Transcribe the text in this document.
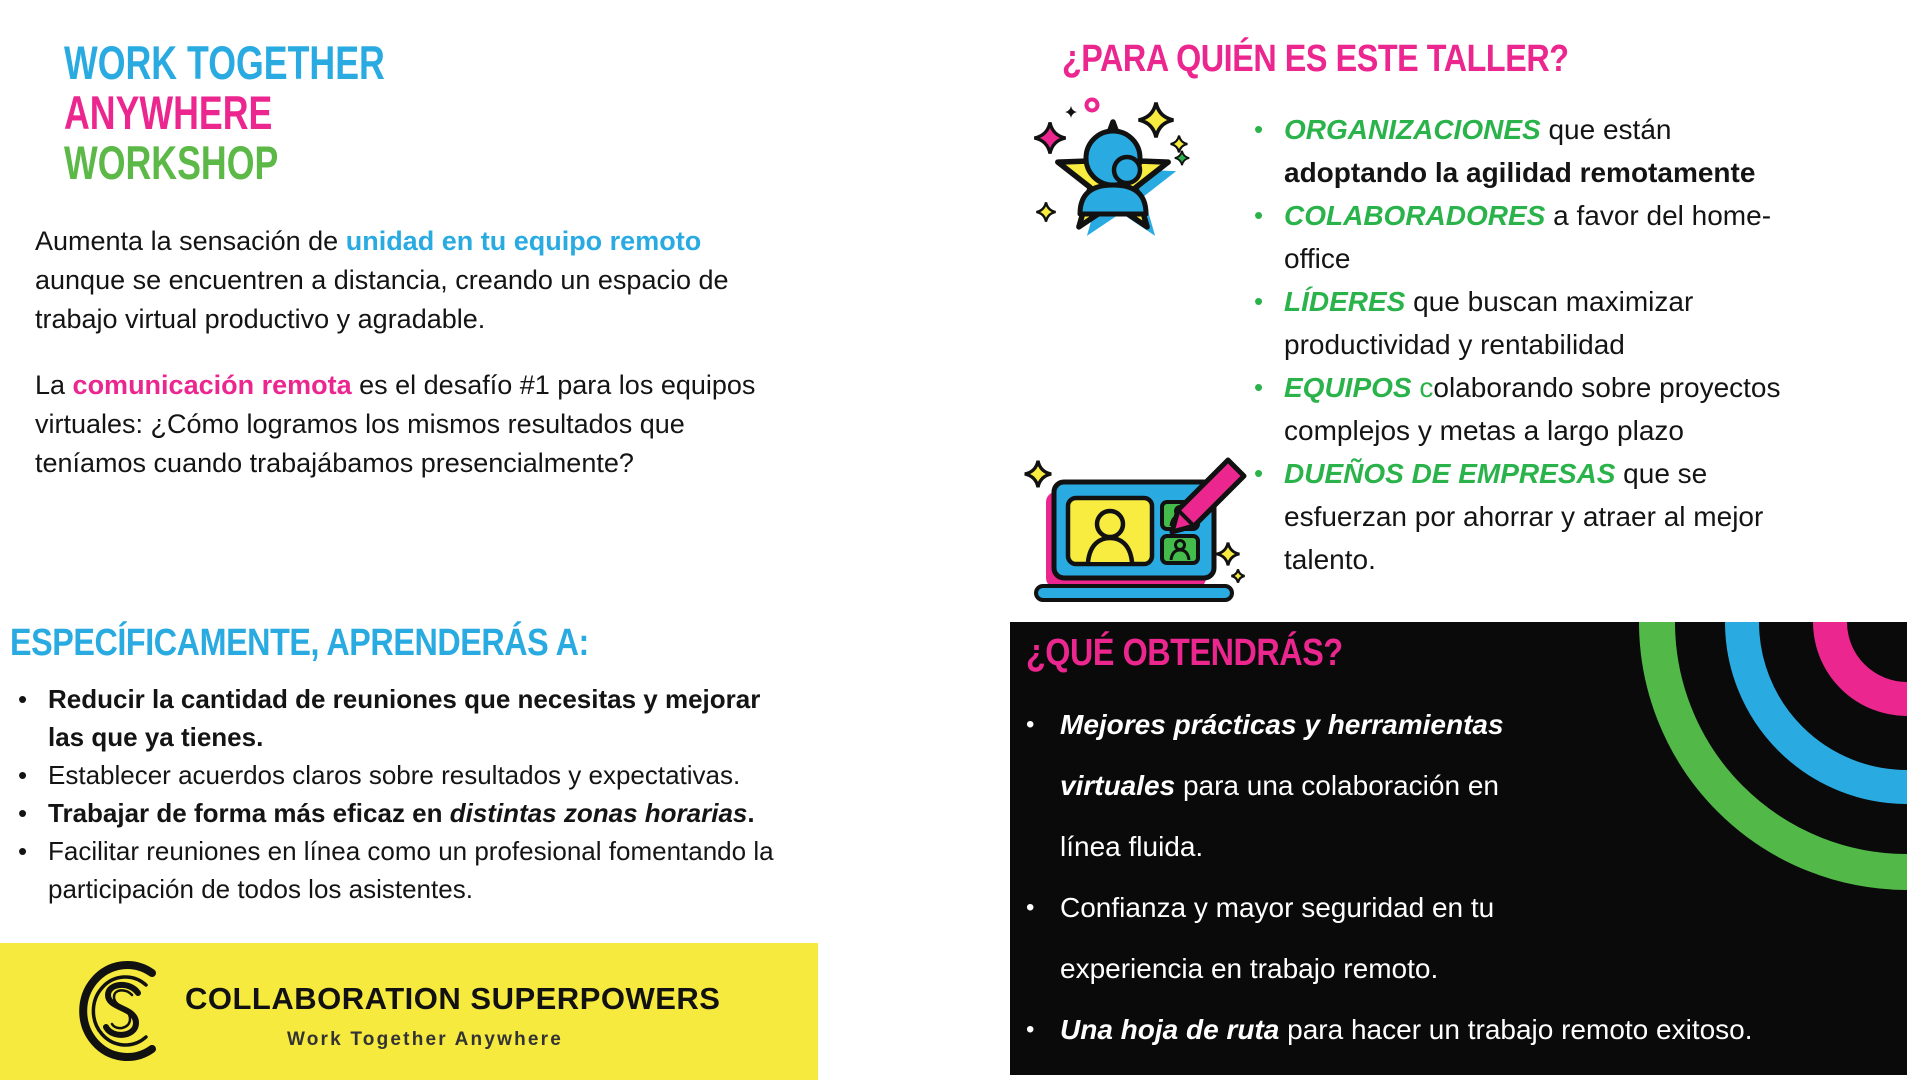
WORK TOGETHER
ANYWHERE
WORKSHOP

Aumenta la sensación de unidad en tu equipo remoto aunque se encuentren a distancia, creando un espacio de trabajo virtual productivo y agradable.

La comunicación remota es el desafío #1 para los equipos virtuales: ¿Cómo logramos los mismos resultados que teníamos cuando trabajábamos presencialmente?

ESPECÍFICAMENTE, APRENDERÁS A:
• Reducir la cantidad de reuniones que necesitas y mejorar las que ya tienes.
• Establecer acuerdos claros sobre resultados y expectativas.
• Trabajar de forma más eficaz en distintas zonas horarias.
• Facilitar reuniones en línea como un profesional fomentando la participación de todos los asistentes.
COLLABORATION SUPERPOWERS
Work Together Anywhere
¿PARA QUIÉN ES ESTE TALLER?
• ORGANIZACIONES que están adoptando la agilidad remotamente
• COLABORADORES a favor del home-office
• LÍDERES que buscan maximizar productividad y rentabilidad
• EQUIPOS colaborando sobre proyectos complejos y metas a largo plazo
• DUEÑOS DE EMPRESAS que se esfuerzan por ahorrar y atraer al mejor talento.
¿QUÉ OBTENDRÁS?
• Mejores prácticas y herramientas virtuales para una colaboración en línea fluida.
• Confianza y mayor seguridad en tu experiencia en trabajo remoto.
• Una hoja de ruta para hacer un trabajo remoto exitoso.
